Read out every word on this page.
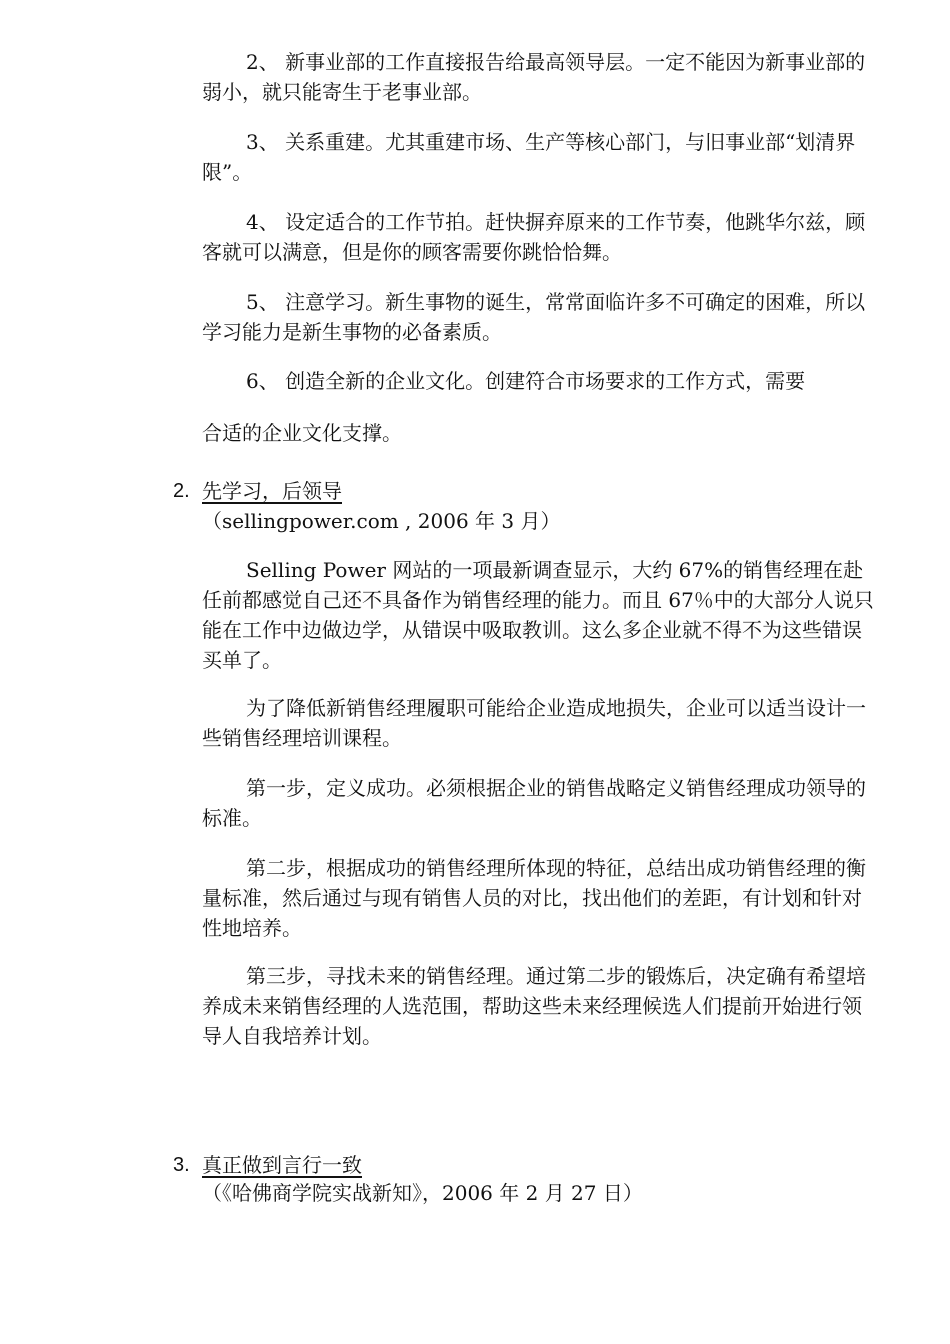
2、 新事业部的工作直接报告给最高领导层。一定不能因为新事业部的弱小，就只能寄生于老事业部。

3、 关系重建。尤其重建市场、生产等核心部门，与旧事业部“划清界限”。

4、 设定适合的工作节拍。赶快摒弃原来的工作节奏，他跳华尔兹，顾客就可以满意，但是你的顾客需要你跳恰恰舞。

5、 注意学习。新生事物的诞生，常常面临许多不可确定的困难，所以学习能力是新生事物的必备素质。

6、 创造全新的企业文化。创建符合市场要求的工作方式，需要

合适的企业文化支撑。

2. 先学习，后领导
（sellingpower.com , 2006 年 3 月）

Selling Power 网站的一项最新调查显示，大约 67%的销售经理在赴任前都感觉自己还不具备作为销售经理的能力。而且 67％中的大部分人说只能在工作中边做边学，从错误中吸取教训。这么多企业就不得不为这些错误买单了。

为了降低新销售经理履职可能给企业造成地损失，企业可以适当设计一些销售经理培训课程。

第一步，定义成功。必须根据企业的销售战略定义销售经理成功领导的标准。

第二步，根据成功的销售经理所体现的特征，总结出成功销售经理的衡量标准，然后通过与现有销售人员的对比，找出他们的差距，有计划和针对性地培养。

第三步，寻找未来的销售经理。通过第二步的锻炼后，决定确有希望培养成未来销售经理的人选范围，帮助这些未来经理候选人们提前开始进行领导人自我培养计划。

3. 真正做到言行一致
（《哈佛商学院实战新知》，2006 年 2 月 27 日）
